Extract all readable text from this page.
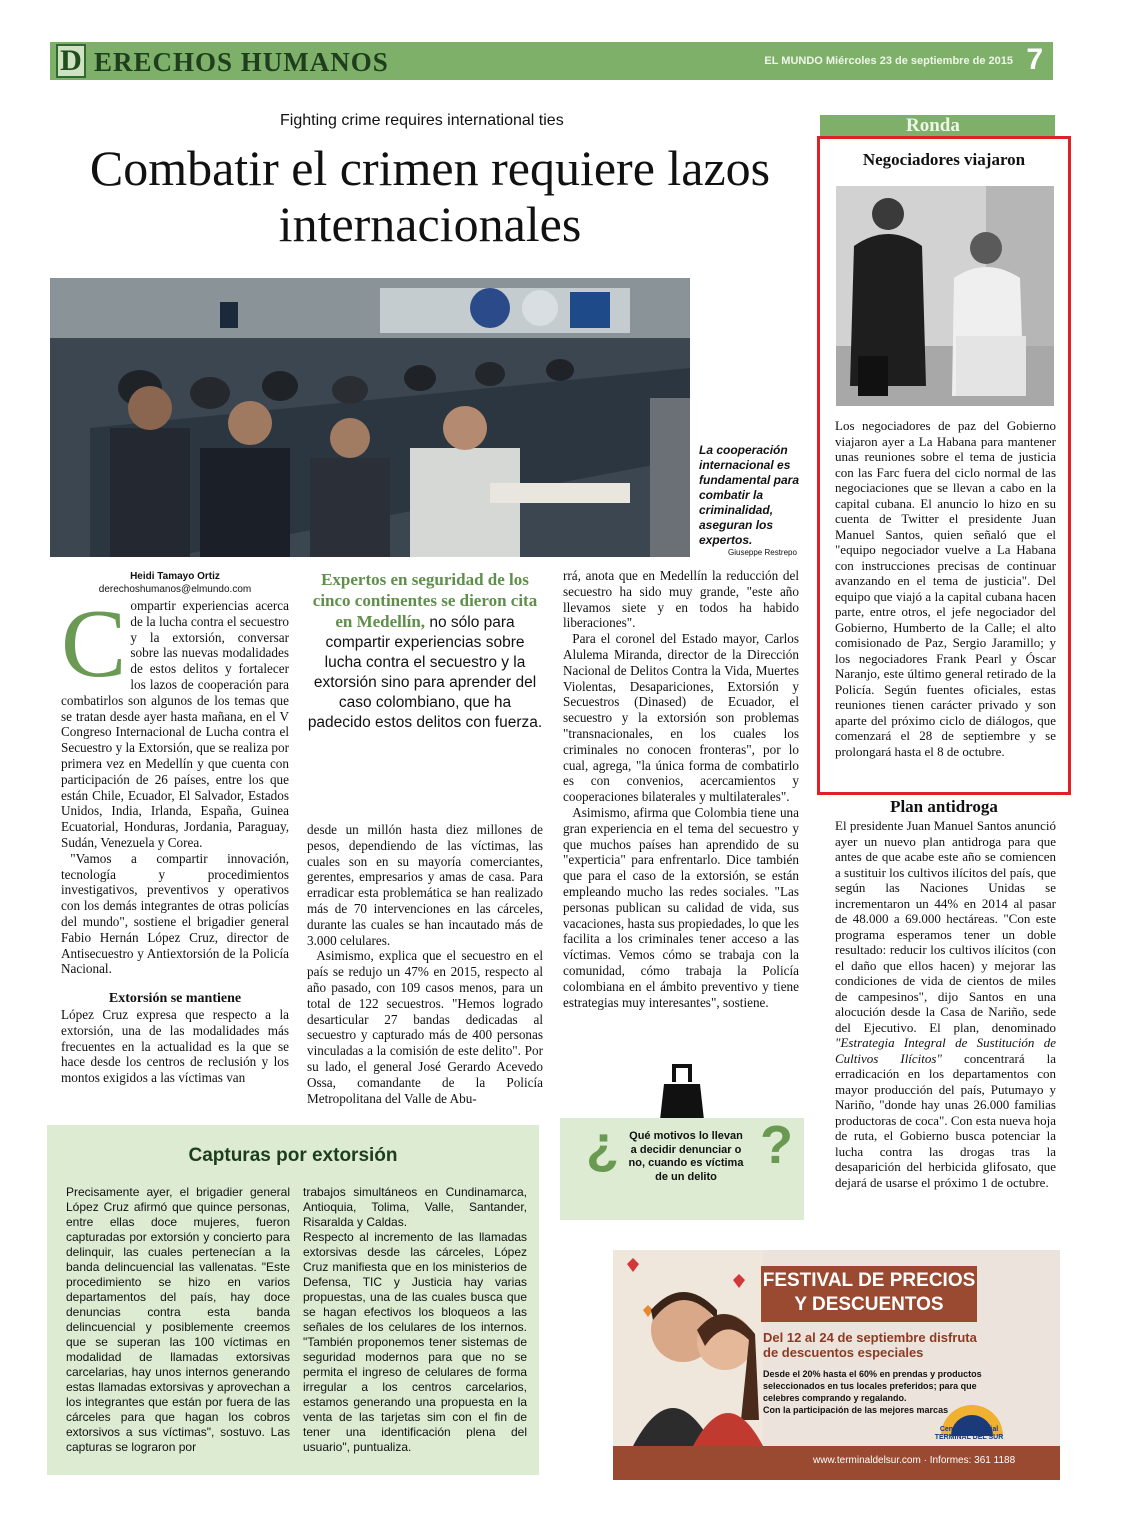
D ERECHOS HUMANOS	EL MUNDO Miércoles 23 de septiembre de 2015 7
Fighting crime requires international ties
Combatir el crimen requiere lazos internacionales
La cooperación internacional es fundamental para combatir la criminalidad, aseguran los expertos.
Giuseppe Restrepo
Heidi Tamayo Ortiz
derechoshumanos@elmundo.com
C ompartir experiencias acerca de la lucha contra el secuestro y la extorsión, conversar sobre las nuevas modalidades de estos delitos y fortalecer los lazos de cooperación para combatirlos son algunos de los temas que se tratan desde ayer hasta mañana, en el V Congreso Internacional de Lucha contra el Secuestro y la Extorsión, que se realiza por primera vez en Medellín y que cuenta con participación de 26 países, entre los que están Chile, Ecuador, El Salvador, Estados Unidos, India, Irlanda, España, Guinea Ecuatorial, Honduras, Jordania, Paraguay, Sudán, Venezuela y Corea.

"Vamos a compartir innovación, tecnología y procedimientos investigativos, preventivos y operativos con los demás integrantes de otras policías del mundo", sostiene el brigadier general Fabio Hernán López Cruz, director de Antisecuestro y Antiextorsión de la Policía Nacional.

Extorsión se mantiene

López Cruz expresa que respecto a la extorsión, una de las modalidades más frecuentes en la actualidad es la que se hace desde los centros de reclusión y los montos exigidos a las víctimas van

Expertos en seguridad de los cinco continentes se dieron cita en Medellín, no sólo para compartir experiencias sobre lucha contra el secuestro y la extorsión sino para aprender del caso colombiano, que ha padecido estos delitos con fuerza.

desde un millón hasta diez millones de pesos, dependiendo de las víctimas, las cuales son en su mayoría comerciantes, gerentes, empresarios y amas de casa. Para erradicar esta problemática se han realizado más de 70 intervenciones en las cárceles, durante las cuales se han incautado más de 3.000 celulares.

Asimismo, explica que el secuestro en el país se redujo un 47% en 2015, respecto al año pasado, con 109 casos menos, para un total de 122 secuestros. "Hemos logrado desarticular 27 bandas dedicadas al secuestro y capturado más de 400 personas vinculadas a la comisión de este delito". Por su lado, el general José Gerardo Acevedo Ossa, comandante de la Policía Metropolitana del Valle de Abu-

rrá, anota que en Medellín la reducción del secuestro ha sido muy grande, "este año llevamos siete y en todos ha habido liberaciones".

Para el coronel del Estado mayor, Carlos Alulema Miranda, director de la Dirección Nacional de Delitos Contra la Vida, Muertes Violentas, Desapariciones, Extorsión y Secuestros (Dinased) de Ecuador, el secuestro y la extorsión son problemas "transnacionales, en los cuales los criminales no conocen fronteras", por lo cual, agrega, "la única forma de combatirlo es con convenios, acercamientos y cooperaciones bilaterales y multilaterales".

Asimismo, afirma que Colombia tiene una gran experiencia en el tema del secuestro y que muchos países han aprendido de su "experticia" para enfrentarlo. Dice también que para el caso de la extorsión, se están empleando mucho las redes sociales. "Las personas publican su calidad de vida, sus vacaciones, hasta sus propiedades, lo que les facilita a los criminales tener acceso a las víctimas. Vemos cómo se trabaja con la comunidad, cómo trabaja la Policía colombiana en el ámbito preventivo y tiene estrategias muy interesantes", sostiene.

¿ Qué motivos lo llevan a decidir denunciar o no, cuando es víctima de un delito
?
Capturas por extorsión

Precisamente ayer, el brigadier general López Cruz afirmó que quince personas, entre ellas doce mujeres, fueron capturadas por extorsión y concierto para delinquir, las cuales pertenecían a la banda delincuencial las vallenatas. "Este procedimiento se hizo en varios departamentos del país, hay doce denuncias contra esta banda delincuencial y posiblemente creemos que se superan las 100 víctimas en modalidad de llamadas extorsivas carcelarias, hay unos internos generando estas llamadas extorsivas y aprovechan a los integrantes que están por fuera de las cárceles para que hagan los cobros extorsivos a sus víctimas", sostuvo. Las capturas se lograron por

trabajos simultáneos en Cundinamarca, Antioquia, Tolima, Valle, Santander, Risaralda y Caldas.

Respecto al incremento de las llamadas extorsivas desde las cárceles, López Cruz manifiesta que en los ministerios de Defensa, TIC y Justicia hay varias propuestas, una de las cuales busca que se hagan efectivos los bloqueos a las señales de los celulares de los internos. "También proponemos tener sistemas de seguridad modernos para que no se permita el ingreso de celulares de forma irregular a los centros carcelarios, estamos generando una propuesta en la venta de las tarjetas sim con el fin de tener una identificación plena del usuario", puntualiza.

Ronda
Negociadores viajaron

Los negociadores de paz del Gobierno viajaron ayer a La Habana para mantener unas reuniones sobre el tema de justicia con las Farc fuera del ciclo normal de las negociaciones que se llevan a cabo en la capital cubana. El anuncio lo hizo en su cuenta de Twitter el presidente Juan Manuel Santos, quien señaló que el "equipo negociador vuelve a La Habana con instrucciones precisas de continuar avanzando en el tema de justicia". Del equipo que viajó a la capital cubana hacen parte, entre otros, el jefe negociador del Gobierno, Humberto de la Calle; el alto comisionado de Paz, Sergio Jaramillo; y los negociadores Frank Pearl y Óscar Naranjo, este último general retirado de la Policía. Según fuentes oficiales, estas reuniones tienen carácter privado y son aparte del próximo ciclo de diálogos, que comenzará el 28 de septiembre y se prolongará hasta el 8 de octubre.

Plan antidroga

El presidente Juan Manuel Santos anunció ayer un nuevo plan antidroga para que antes de que acabe este año se comiencen a sustituir los cultivos ilícitos del país, que según las Naciones Unidas se incrementaron un 44% en 2014 al pasar de 48.000 a 69.000 hectáreas. "Con este programa esperamos tener un doble resultado: reducir los cultivos ilícitos (con el daño que ellos hacen) y mejorar las condiciones de vida de cientos de miles de campesinos", dijo Santos en una alocución desde la Casa de Nariño, sede del Ejecutivo. El plan, denominado "Estrategia Integral de Sustitución de Cultivos Ilícitos" concentrará la erradicación en los departamentos con mayor producción del país, Putumayo y Nariño, "donde hay unas 26.000 familias productoras de coca". Con esta nueva hoja de ruta, el Gobierno busca potenciar la lucha contra las drogas tras la desaparición del herbicida glifosato, que dejará de usarse el próximo 1 de octubre.

FESTIVAL DE PRECIOS
Y DESCUENTOS
Del 12 al 24 de septiembre disfruta de descuentos especiales
Desde el 20% hasta el 60% en prendas y productos seleccionados en tus locales preferidos; para que celebres comprando y regalando.
Con la participación de las mejores marcas
Centro Comercial TERMINAL DEL SUR
www.terminaldelsur.com · Informes: 361 1188
